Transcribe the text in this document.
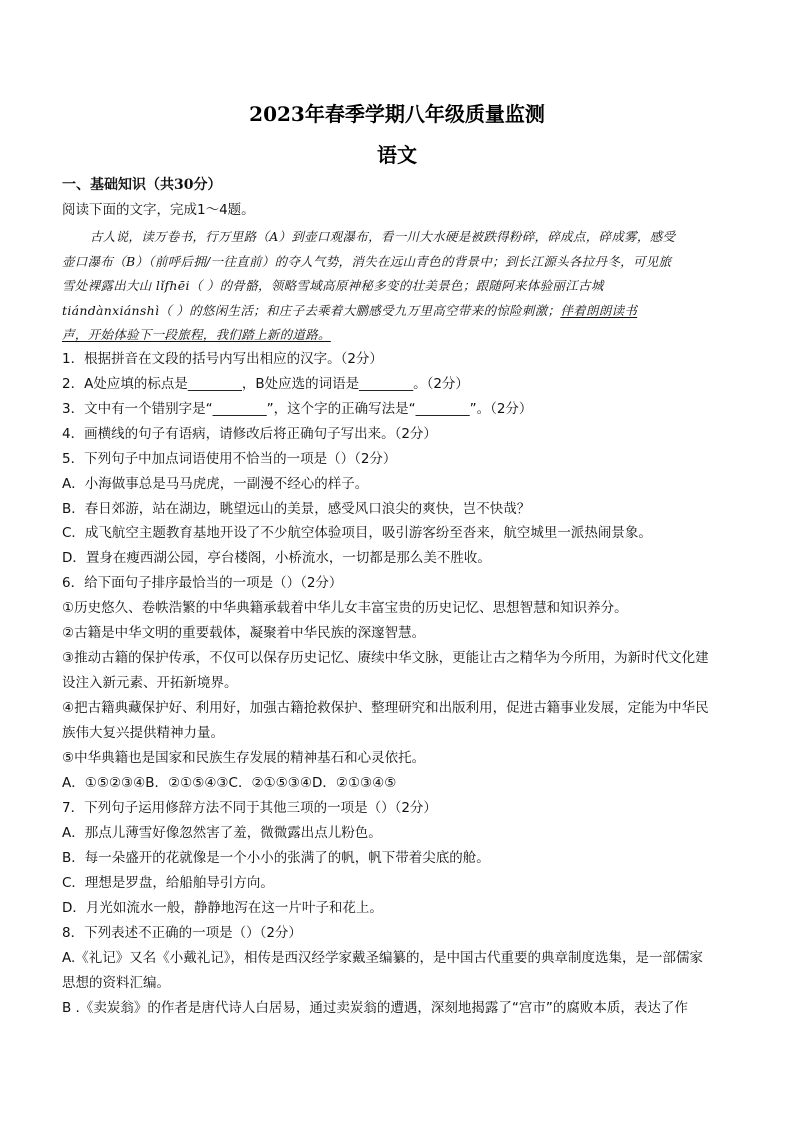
2023年春季学期八年级质量监测
语文
一、基础知识（共30分）
阅读下面的文字，完成1～4题。
古人说，读万卷书，行万里路（A）到壶口观瀑布，看一川大水硬是被跌得粉碎，碎成点，碎成雾，感受
壶口瀑布（B）（前呼后拥/一往直前）的夺人气势，消失在远山青色的背景中；到长江源头各拉丹冬，可见旅
雪处裸露出大山 lǐfhēi（ ）的骨骼，领略雪域高原神秘多变的壮美景色；跟随阿来体验丽江古城
tiándànxiánshì（ ）的悠闲生活；和庄子去乘着大鹏感受九万里高空带来的惊险刺激；伴着朗朗读书
声，开始体验下一段旅程，我们踏上新的道路。
1．根据拼音在文段的括号内写出相应的汉字。（2分）
2．A处应填的标点是________，B处应选的词语是________。（2分）
3．文中有一个错别字是“________”，这个字的正确写法是“________”。（2分）
4．画横线的句子有语病，请修改后将正确句子写出来。（2分）
5．下列句子中加点词语使用不恰当的一项是（）（2分）
A．小海做事总是马马虎虎，一副漫不经心的样子。
B．春日郊游，站在湖边，眺望远山的美景，感受风口浪尖的爽快，岂不快哉？
C．成飞航空主题教育基地开设了不少航空体验项目，吸引游客纷至沓来，航空城里一派热闹景象。
D．置身在瘦西湖公园，亭台楼阁，小桥流水，一切都是那么美不胜收。
6．给下面句子排序最恰当的一项是（）（2分）
①历史悠久、卷帙浩繁的中华典籍承载着中华儿女丰富宝贵的历史记忆、思想智慧和知识养分。
②古籍是中华文明的重要载体，凝聚着中华民族的深邃智慧。
③推动古籍的保护传承，不仅可以保存历史记忆、赓续中华文脉，更能让古之精华为今所用，为新时代文化建
设注入新元素、开拓新境界。
④把古籍典藏保护好、利用好，加强古籍抢救保护、整理研究和出版利用，促进古籍事业发展，定能为中华民
族伟大复兴提供精神力量。
⑤中华典籍也是国家和民族生存发展的精神基石和心灵依托。
A．①⑤②③④B．②①⑤④③C．②①⑤③④D．②①③④⑤
7．下列句子运用修辞方法不同于其他三项的一项是（）（2分）
A．那点儿薄雪好像忽然害了羞，微微露出点儿粉色。
B．每一朵盛开的花就像是一个小小的张满了的帆，帆下带着尖底的舱。
C．理想是罗盘，给船舶导引方向。
D．月光如流水一般，静静地泻在这一片叶子和花上。
8．下列表述不正确的一项是（）（2分）
A.《礼记》又名《小戴礼记》，相传是西汉经学家戴圣编纂的，是中国古代重要的典章制度选集，是一部儒家
思想的资料汇编。
B .《卖炭翁》的作者是唐代诗人白居易，通过卖炭翁的遭遇，深刻地揭露了“宫市”的腐败本质，表达了作
